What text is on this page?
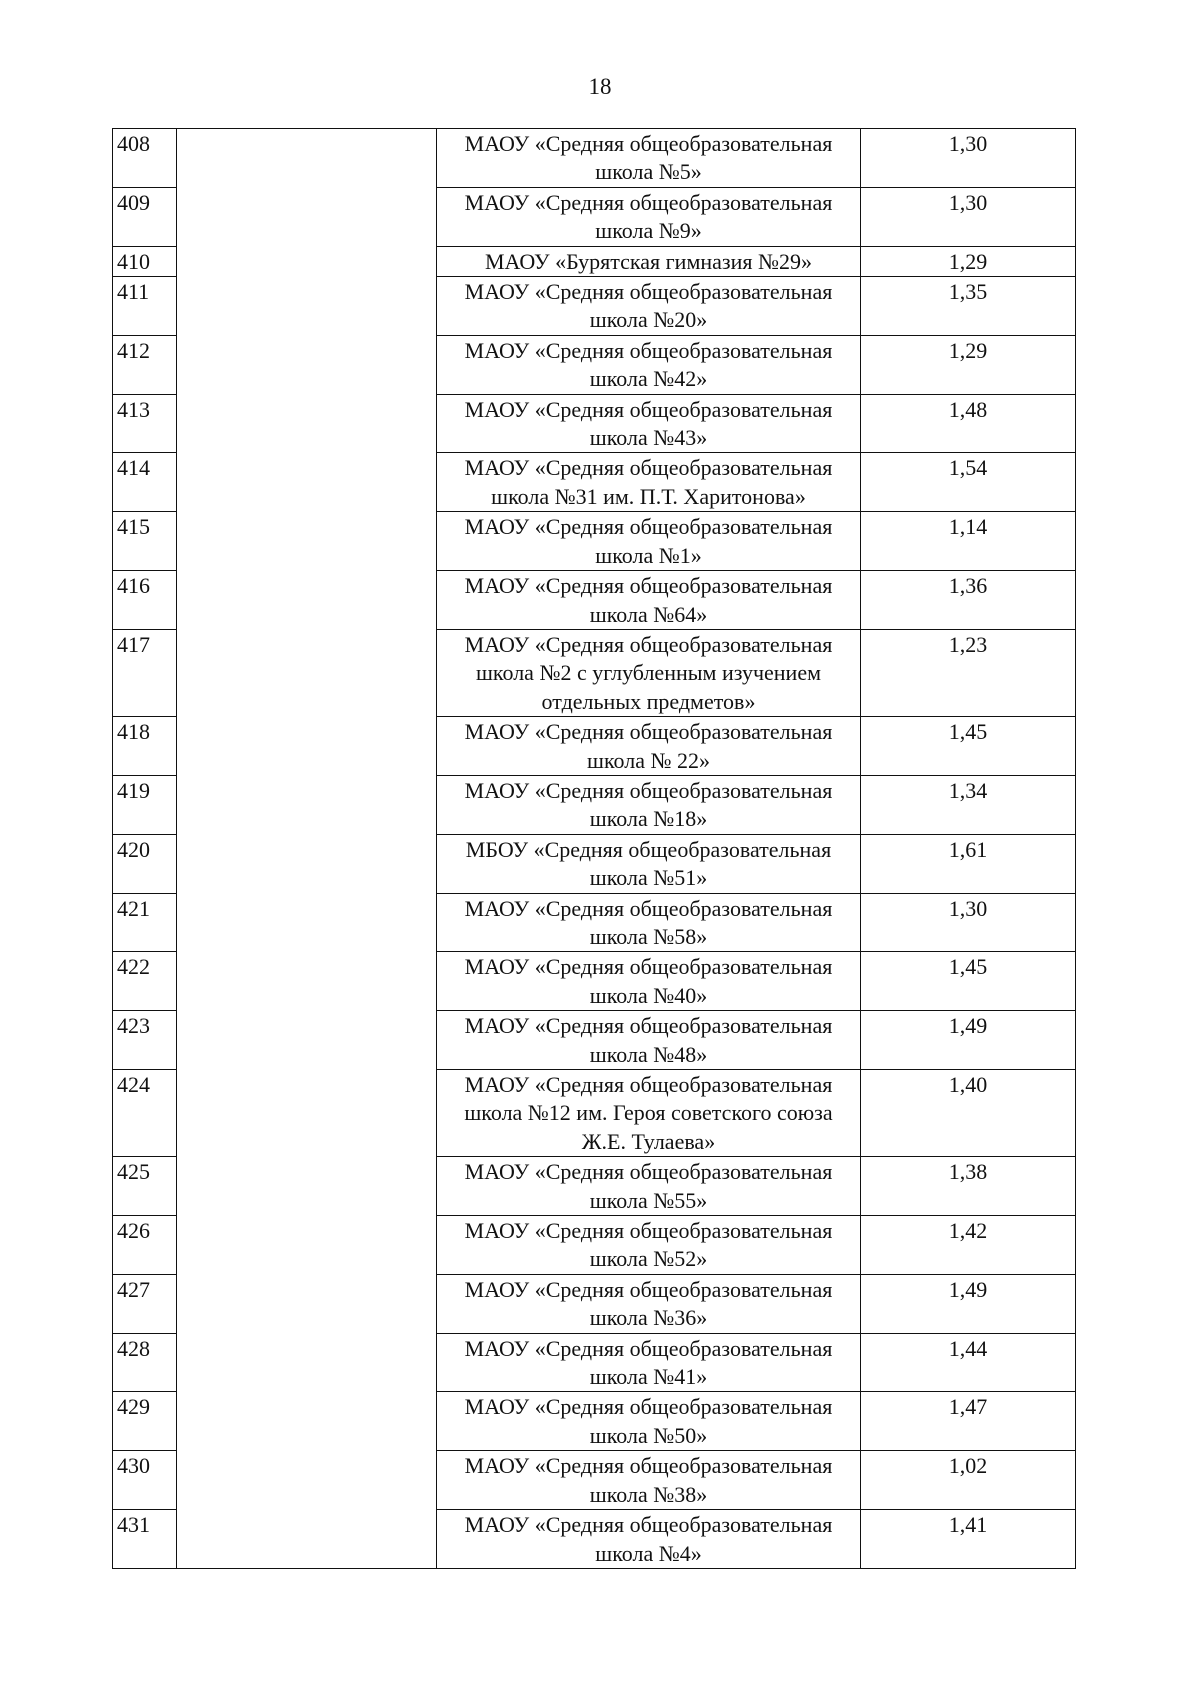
18
408		МАОУ «Средняя общеобразовательная школа №5»	1,30
409		МАОУ «Средняя общеобразовательная школа №9»	1,30
410		МАОУ «Бурятская гимназия №29»	1,29
411		МАОУ «Средняя общеобразовательная школа №20»	1,35
412		МАОУ «Средняя общеобразовательная школа №42»	1,29
413		МАОУ «Средняя общеобразовательная школа №43»	1,48
414		МАОУ «Средняя общеобразовательная школа №31 им. П.Т. Харитонова»	1,54
415		МАОУ «Средняя общеобразовательная школа №1»	1,14
416		МАОУ «Средняя общеобразовательная школа №64»	1,36
417		МАОУ «Средняя общеобразовательная школа №2 с углубленным изучением отдельных предметов»	1,23
418		МАОУ «Средняя общеобразовательная школа № 22»	1,45
419		МАОУ «Средняя общеобразовательная школа №18»	1,34
420		МБОУ «Средняя общеобразовательная школа №51»	1,61
421		МАОУ «Средняя общеобразовательная школа №58»	1,30
422		МАОУ «Средняя общеобразовательная школа №40»	1,45
423		МАОУ «Средняя общеобразовательная школа №48»	1,49
424		МАОУ «Средняя общеобразовательная школа №12 им. Героя советского союза Ж.Е. Тулаева»	1,40
425		МАОУ «Средняя общеобразовательная школа №55»	1,38
426		МАОУ «Средняя общеобразовательная школа №52»	1,42
427		МАОУ «Средняя общеобразовательная школа №36»	1,49
428		МАОУ «Средняя общеобразовательная школа №41»	1,44
429		МАОУ «Средняя общеобразовательная школа №50»	1,47
430		МАОУ «Средняя общеобразовательная школа №38»	1,02
431		МАОУ «Средняя общеобразовательная школа №4»	1,41
